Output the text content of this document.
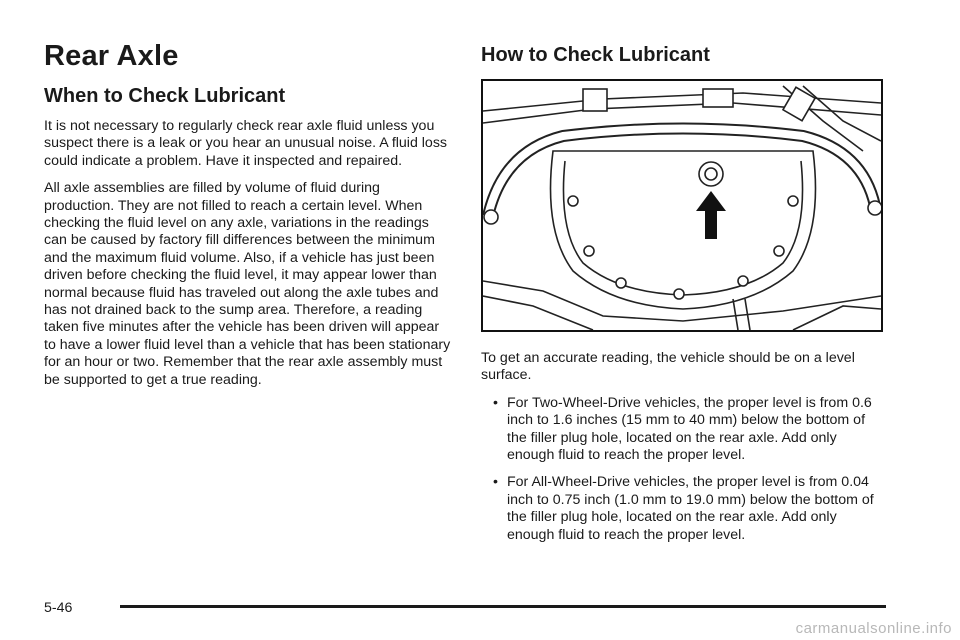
Rear Axle
When to Check Lubricant

It is not necessary to regularly check rear axle fluid unless you suspect there is a leak or you hear an unusual noise. A fluid loss could indicate a problem. Have it inspected and repaired.

All axle assemblies are filled by volume of fluid during production. They are not filled to reach a certain level. When checking the fluid level on any axle, variations in the readings can be caused by factory fill differences between the minimum and the maximum fluid volume. Also, if a vehicle has just been driven before checking the fluid level, it may appear lower than normal because fluid has traveled out along the axle tubes and has not drained back to the sump area. Therefore, a reading taken five minutes after the vehicle has been driven will appear to have a lower fluid level than a vehicle that has been stationary for an hour or two. Remember that the rear axle assembly must be supported to get a true reading.

How to Check Lubricant

To get an accurate reading, the vehicle should be on a level surface.

• For Two-Wheel-Drive vehicles, the proper level is from 0.6 inch to 1.6 inches (15 mm to 40 mm) below the bottom of the filler plug hole, located on the rear axle. Add only enough fluid to reach the proper level.
• For All-Wheel-Drive vehicles, the proper level is from 0.04 inch to 0.75 inch (1.0 mm to 19.0 mm) below the bottom of the filler plug hole, located on the rear axle. Add only enough fluid to reach the proper level.
5-46
carmanualsonline.info
